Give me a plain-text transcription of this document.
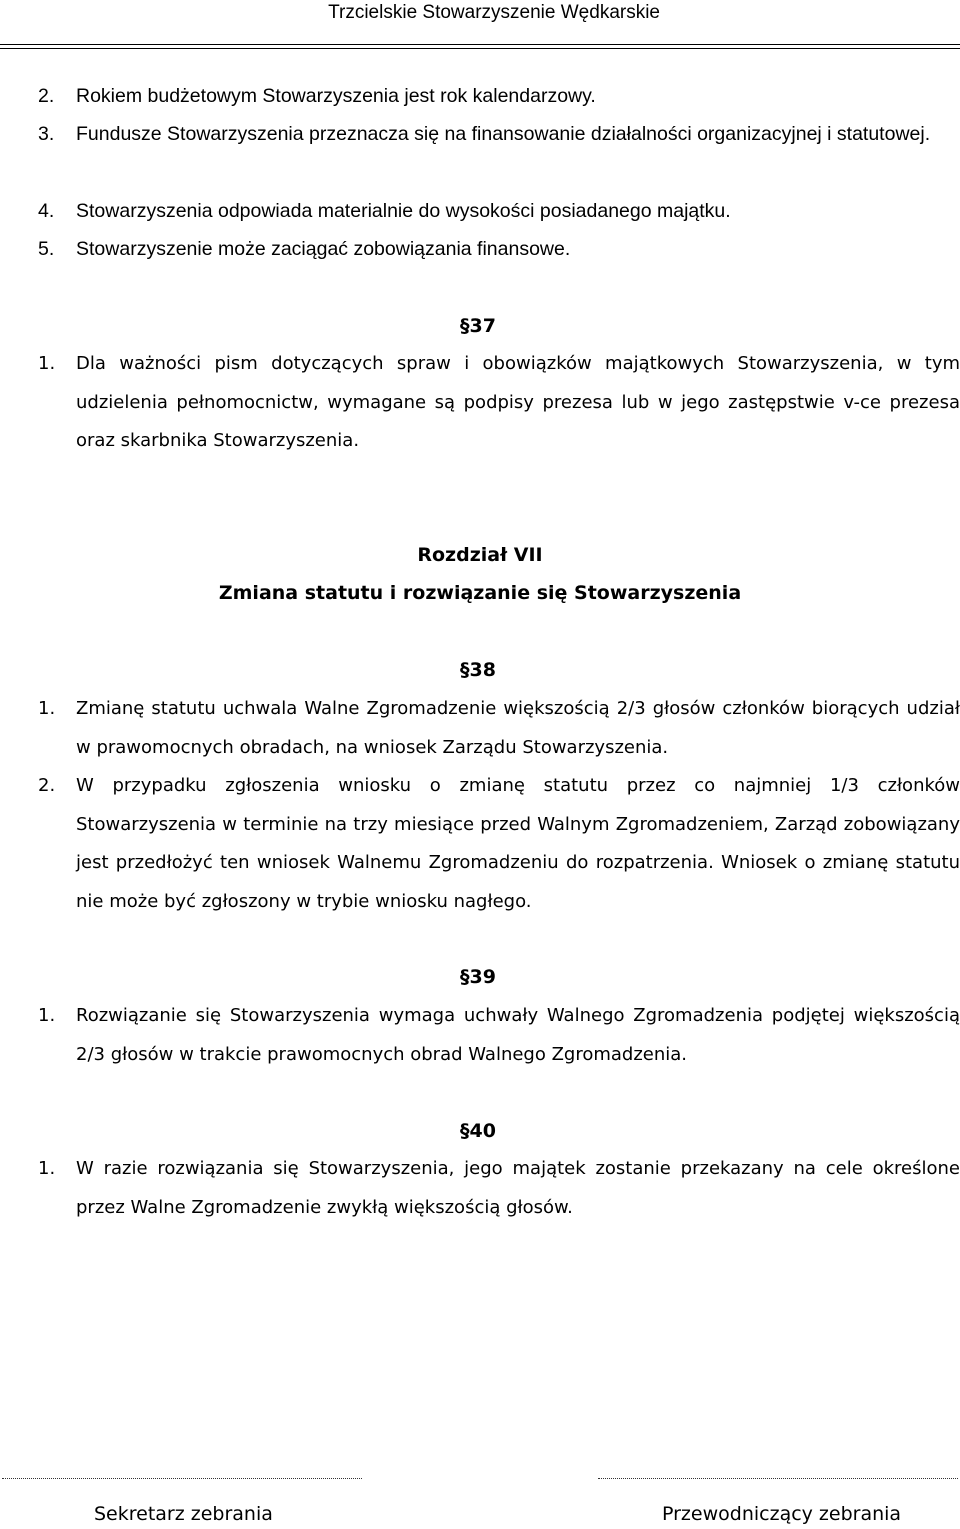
Trzcielskie Stowarzyszenie Wędkarskie
2. Rokiem budżetowym Stowarzyszenia jest rok kalendarzowy.
3. Fundusze Stowarzyszenia przeznacza się na finansowanie działalności organizacyjnej i statutowej.
4. Stowarzyszenia odpowiada materialnie do wysokości posiadanego majątku.
5. Stowarzyszenie może zaciągać zobowiązania finansowe.
§37
1. Dla ważności pism dotyczących spraw i obowiązków majątkowych Stowarzyszenia, w tym udzielenia pełnomocnictw, wymagane są podpisy prezesa lub w jego zastępstwie v-ce prezesa oraz skarbnika Stowarzyszenia.
Rozdział VII
Zmiana statutu i rozwiązanie się Stowarzyszenia
§38
1. Zmianę statutu uchwala Walne Zgromadzenie większością 2/3 głosów członków biorących udział w prawomocnych obradach, na wniosek Zarządu Stowarzyszenia.
2. W przypadku zgłoszenia wniosku o zmianę statutu przez co najmniej 1/3 członków Stowarzyszenia w terminie na trzy miesiące przed Walnym Zgromadzeniem, Zarząd zobowiązany jest przedłożyć ten wniosek Walnemu Zgromadzeniu do rozpatrzenia. Wniosek o zmianę statutu nie może być zgłoszony w trybie wniosku nagłego.
§39
1. Rozwiązanie się Stowarzyszenia wymaga uchwały Walnego Zgromadzenia podjętej większością 2/3 głosów w trakcie prawomocnych obrad Walnego Zgromadzenia.
§40
1. W razie rozwiązania się Stowarzyszenia, jego majątek zostanie przekazany na cele określone przez Walne Zgromadzenie zwykłą większością głosów.
Sekretarz zebrania	Przewodniczący zebrania
